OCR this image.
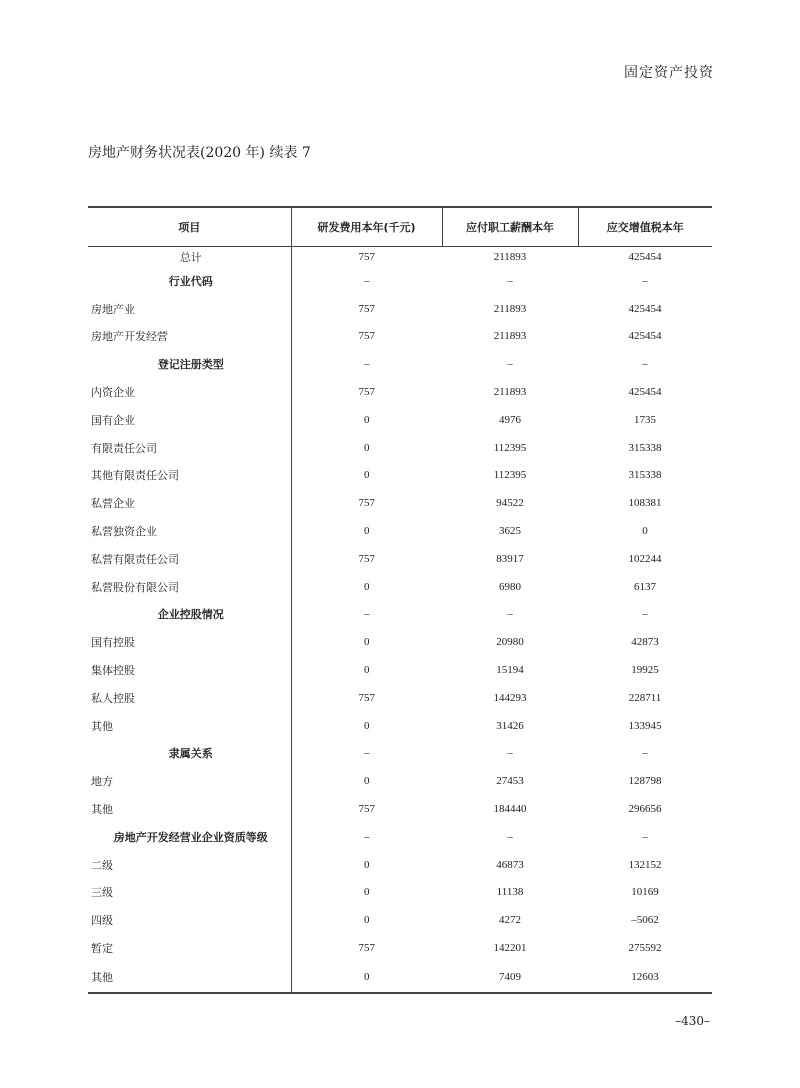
固定资产投资
房地产财务状况表(2020 年) 续表 7
项目	研发费用本年(千元)	应付职工薪酬本年	应交增值税本年
总计	757	211893	425454
行业代码	–	–	–
房地产业	757	211893	425454
房地产开发经营	757	211893	425454
登记注册类型	–	–	–
内资企业	757	211893	425454
国有企业	0	4976	1735
有限责任公司	0	112395	315338
其他有限责任公司	0	112395	315338
私营企业	757	94522	108381
私营独资企业	0	3625	0
私营有限责任公司	757	83917	102244
私营股份有限公司	0	6980	6137
企业控股情况	–	–	–
国有控股	0	20980	42873
集体控股	0	15194	19925
私人控股	757	144293	228711
其他	0	31426	133945
隶属关系	–	–	–
地方	0	27453	128798
其他	757	184440	296656
房地产开发经营业企业资质等级	–	–	–
二级	0	46873	132152
三级	0	11138	10169
四级	0	4272	–5062
暂定	757	142201	275592
其他	0	7409	12603
–430–
